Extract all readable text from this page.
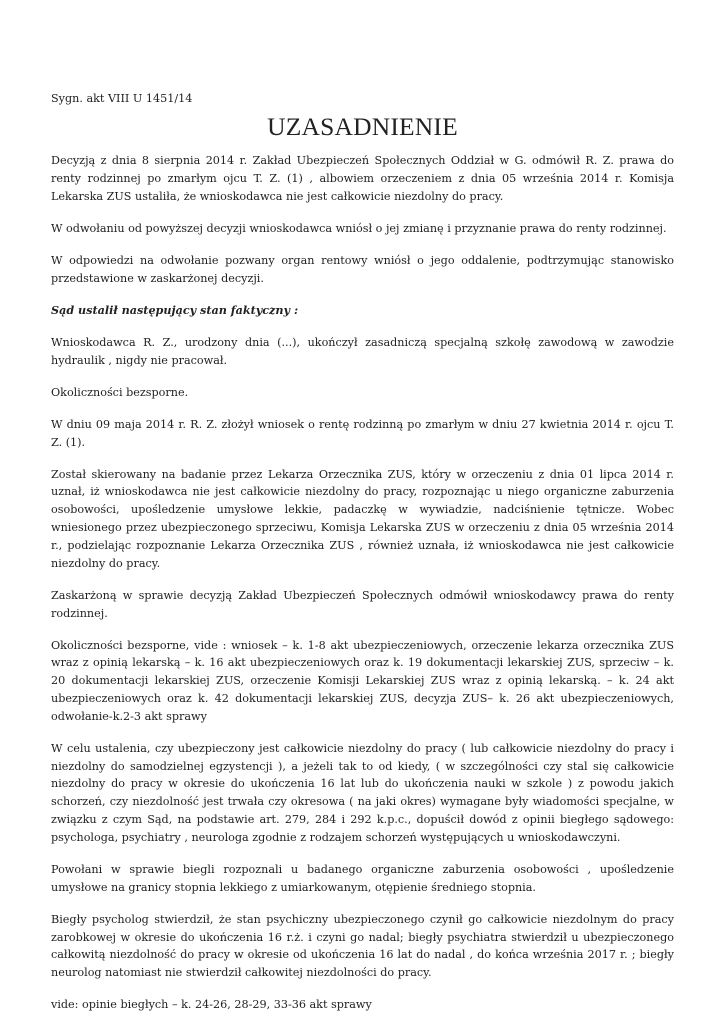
Sygn. akt VIII U 1451/14
UZASADNIENIE

Decyzją z dnia 8 sierpnia 2014 r. Zakład Ubezpieczeń Społecznych Oddział w G. odmówił R. Z. prawa do renty rodzinnej po zmarłym ojcu T. Z. (1) , albowiem orzeczeniem z dnia 05 września 2014 r. Komisja Lekarska ZUS ustaliła, że wnioskodawca nie jest całkowicie niezdolny do pracy.

W odwołaniu od powyższej decyzji wnioskodawca wniósł o jej zmianę i przyznanie prawa do renty rodzinnej.

W odpowiedzi na odwołanie pozwany organ rentowy wniósł o jego oddalenie, podtrzymując stanowisko przedstawione w zaskarżonej decyzji.

Sąd ustalił następujący stan faktyczny :

Wnioskodawca R. Z., urodzony dnia (...), ukończył zasadniczą specjalną szkołę zawodową w zawodzie hydraulik , nigdy nie pracował.

Okoliczności bezsporne.

W dniu 09 maja 2014 r. R. Z. złożył wniosek o rentę rodzinną po zmarłym w dniu 27 kwietnia 2014 r. ojcu T. Z. (1).

Został skierowany na badanie przez Lekarza Orzecznika ZUS, który w orzeczeniu z dnia 01 lipca 2014 r. uznał, iż wnioskodawca nie jest całkowicie niezdolny do pracy, rozpoznając u niego organiczne zaburzenia osobowości, upośledzenie umysłowe lekkie, padaczkę w wywiadzie, nadciśnienie tętnicze. Wobec wniesionego przez ubezpieczonego sprzeciwu, Komisja Lekarska ZUS w orzeczeniu z dnia 05 września 2014 r., podzielając rozpoznanie Lekarza Orzecznika ZUS , również uznała, iż wnioskodawca nie jest całkowicie niezdolny do pracy.

Zaskarżoną w sprawie decyzją Zakład Ubezpieczeń Społecznych odmówił wnioskodawcy prawa do renty rodzinnej.

Okoliczności bezsporne, vide : wniosek – k. 1-8 akt ubezpieczeniowych, orzeczenie lekarza orzecznika ZUS wraz z opinią lekarską – k. 16 akt ubezpieczeniowych oraz k. 19 dokumentacji lekarskiej ZUS, sprzeciw – k. 20 dokumentacji lekarskiej ZUS, orzeczenie Komisji Lekarskiej ZUS wraz z opinią lekarską. – k. 24 akt ubezpieczeniowych oraz k. 42 dokumentacji lekarskiej ZUS, decyzja ZUS– k. 26 akt ubezpieczeniowych, odwołanie-k.2-3 akt sprawy

W celu ustalenia, czy ubezpieczony jest całkowicie niezdolny do pracy ( lub całkowicie niezdolny do pracy i niezdolny do samodzielnej egzystencji ), a jeżeli tak to od kiedy, ( w szczególności czy stal się całkowicie niezdolny do pracy w okresie do ukończenia 16 lat lub do ukończenia nauki w szkole ) z powodu jakich schorzeń, czy niezdolność jest trwała czy okresowa ( na jaki okres) wymagane były wiadomości specjalne, w związku z czym Sąd, na podstawie art. 279, 284 i 292 k.p.c., dopuścił dowód z opinii biegłego sądowego: psychologa, psychiatry , neurologa zgodnie z rodzajem schorzeń występujących u wnioskodawczyni.

Powołani w sprawie biegli rozpoznali u badanego organiczne zaburzenia osobowości , upośledzenie umysłowe na granicy stopnia lekkiego z umiarkowanym, otępienie średniego stopnia.

Biegły psycholog stwierdził, że stan psychiczny ubezpieczonego czynił go całkowicie niezdolnym do pracy zarobkowej w okresie do ukończenia 16 r.ż. i czyni go nadal; biegły psychiatra stwierdził u ubezpieczonego całkowitą niezdolność do pracy w okresie od ukończenia 16 lat do nadal , do końca września 2017 r. ; biegły neurolog natomiast nie stwierdził całkowitej niezdolności do pracy.

vide: opinie biegłych – k. 24-26, 28-29, 33-36 akt sprawy
